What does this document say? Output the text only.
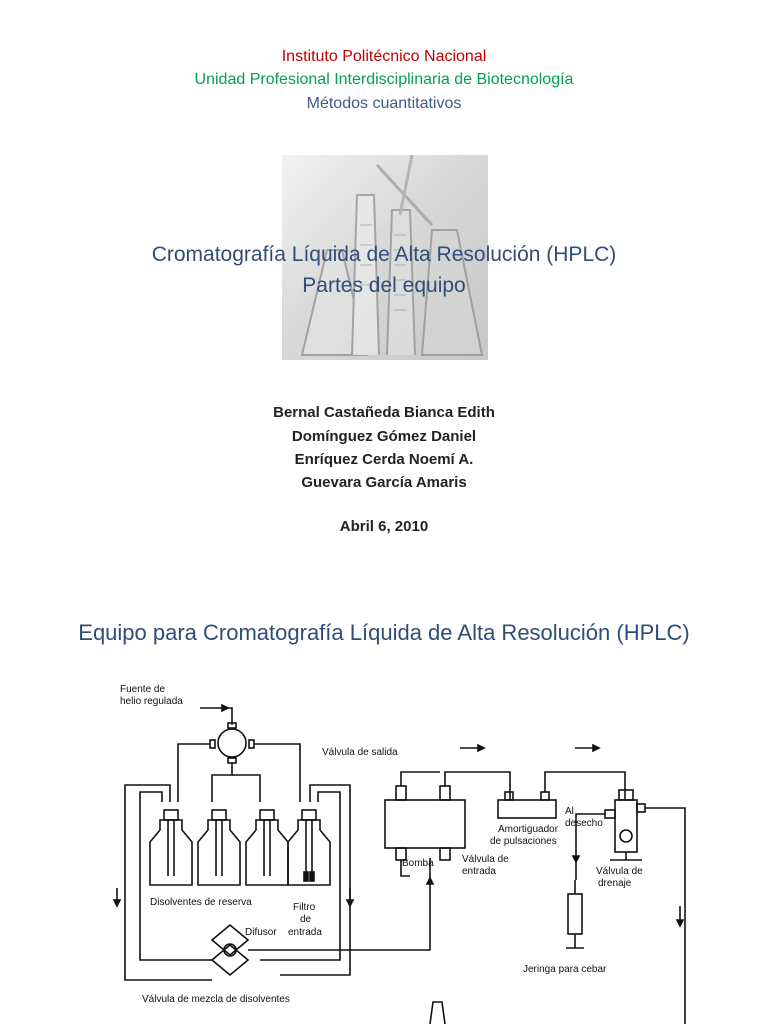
Instituto Politécnico Nacional
Unidad Profesional Interdisciplinaria de Biotecnología
Métodos cuantitativos
Cromatografía Líquida de Alta Resolución (HPLC)
Partes del equipo
Bernal Castañeda Bianca Edith
Domínguez Gómez Daniel
Enríquez Cerda Noemí A.
Guevara García Amaris
Abril 6, 2010
Equipo para Cromatografía Líquida de Alta Resolución (HPLC)
Fuente de
helio regulada
Disolventes de reserva
Difusor
Filtro
de
entrada
Válvula de mezcla de disolventes
Válvula de salida
Bomba	Válvula de
entrada
Amortiguador
de pulsaciones
Al
desecho
Válvula de
drenaje
Jeringa para cebar
